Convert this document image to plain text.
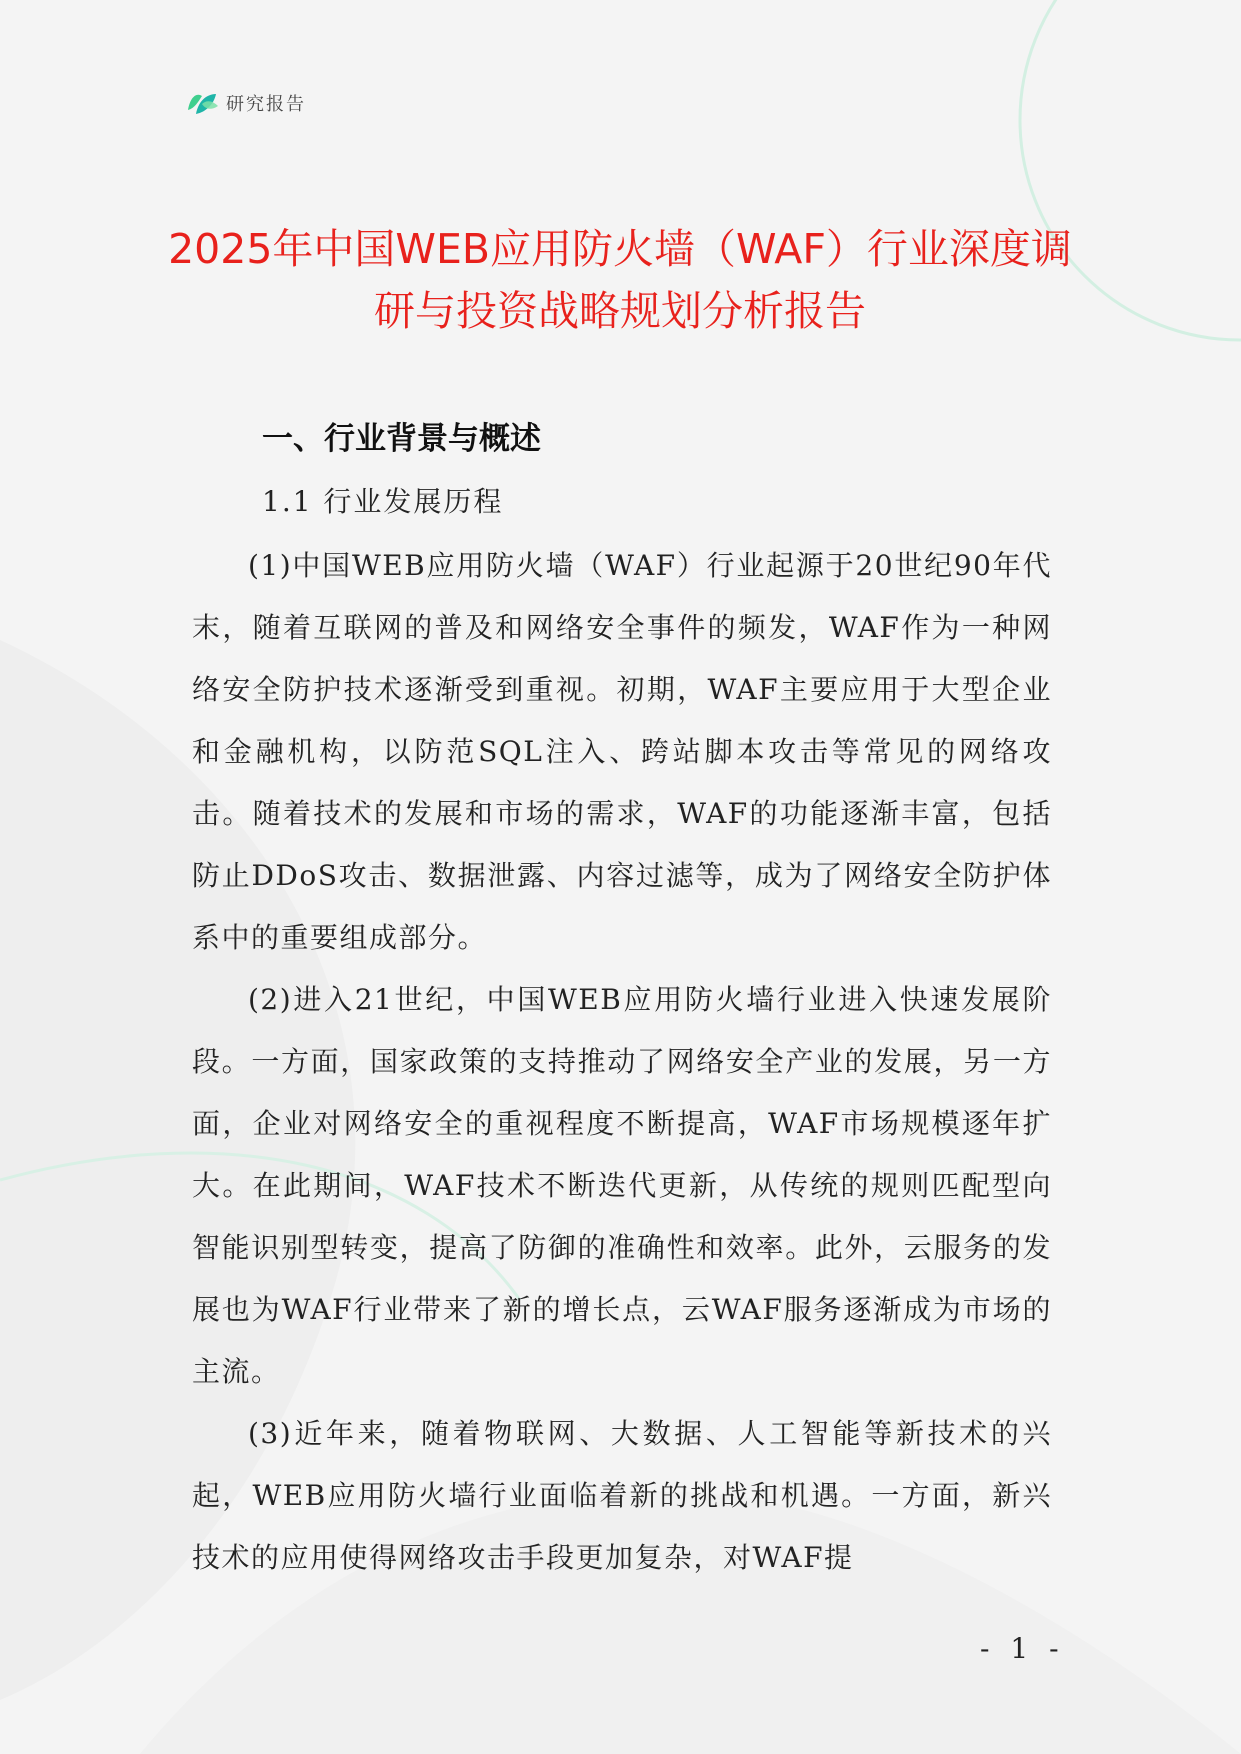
研究报告
2025年中国WEB应用防火墙（WAF）行业深度调研与投资战略规划分析报告
一、行业背景与概述
1.1 行业发展历程

(1)中国WEB应用防火墙（WAF）行业起源于20世纪90年代末，随着互联网的普及和网络安全事件的频发，WAF作为一种网络安全防护技术逐渐受到重视。初期，WAF主要应用于大型企业和金融机构，以防范SQL注入、跨站脚本攻击等常见的网络攻击。随着技术的发展和市场的需求，WAF的功能逐渐丰富，包括防止DDoS攻击、数据泄露、内容过滤等，成为了网络安全防护体系中的重要组成部分。

(2)进入21世纪，中国WEB应用防火墙行业进入快速发展阶段。一方面，国家政策的支持推动了网络安全产业的发展，另一方面，企业对网络安全的重视程度不断提高，WAF市场规模逐年扩大。在此期间，WAF技术不断迭代更新，从传统的规则匹配型向智能识别型转变，提高了防御的准确性和效率。此外，云服务的发展也为WAF行业带来了新的增长点，云WAF服务逐渐成为市场的主流。

(3)近年来，随着物联网、大数据、人工智能等新技术的兴起，WEB应用防火墙行业面临着新的挑战和机遇。一方面，新兴技术的应用使得网络攻击手段更加复杂，对WAF提

- 1 -
